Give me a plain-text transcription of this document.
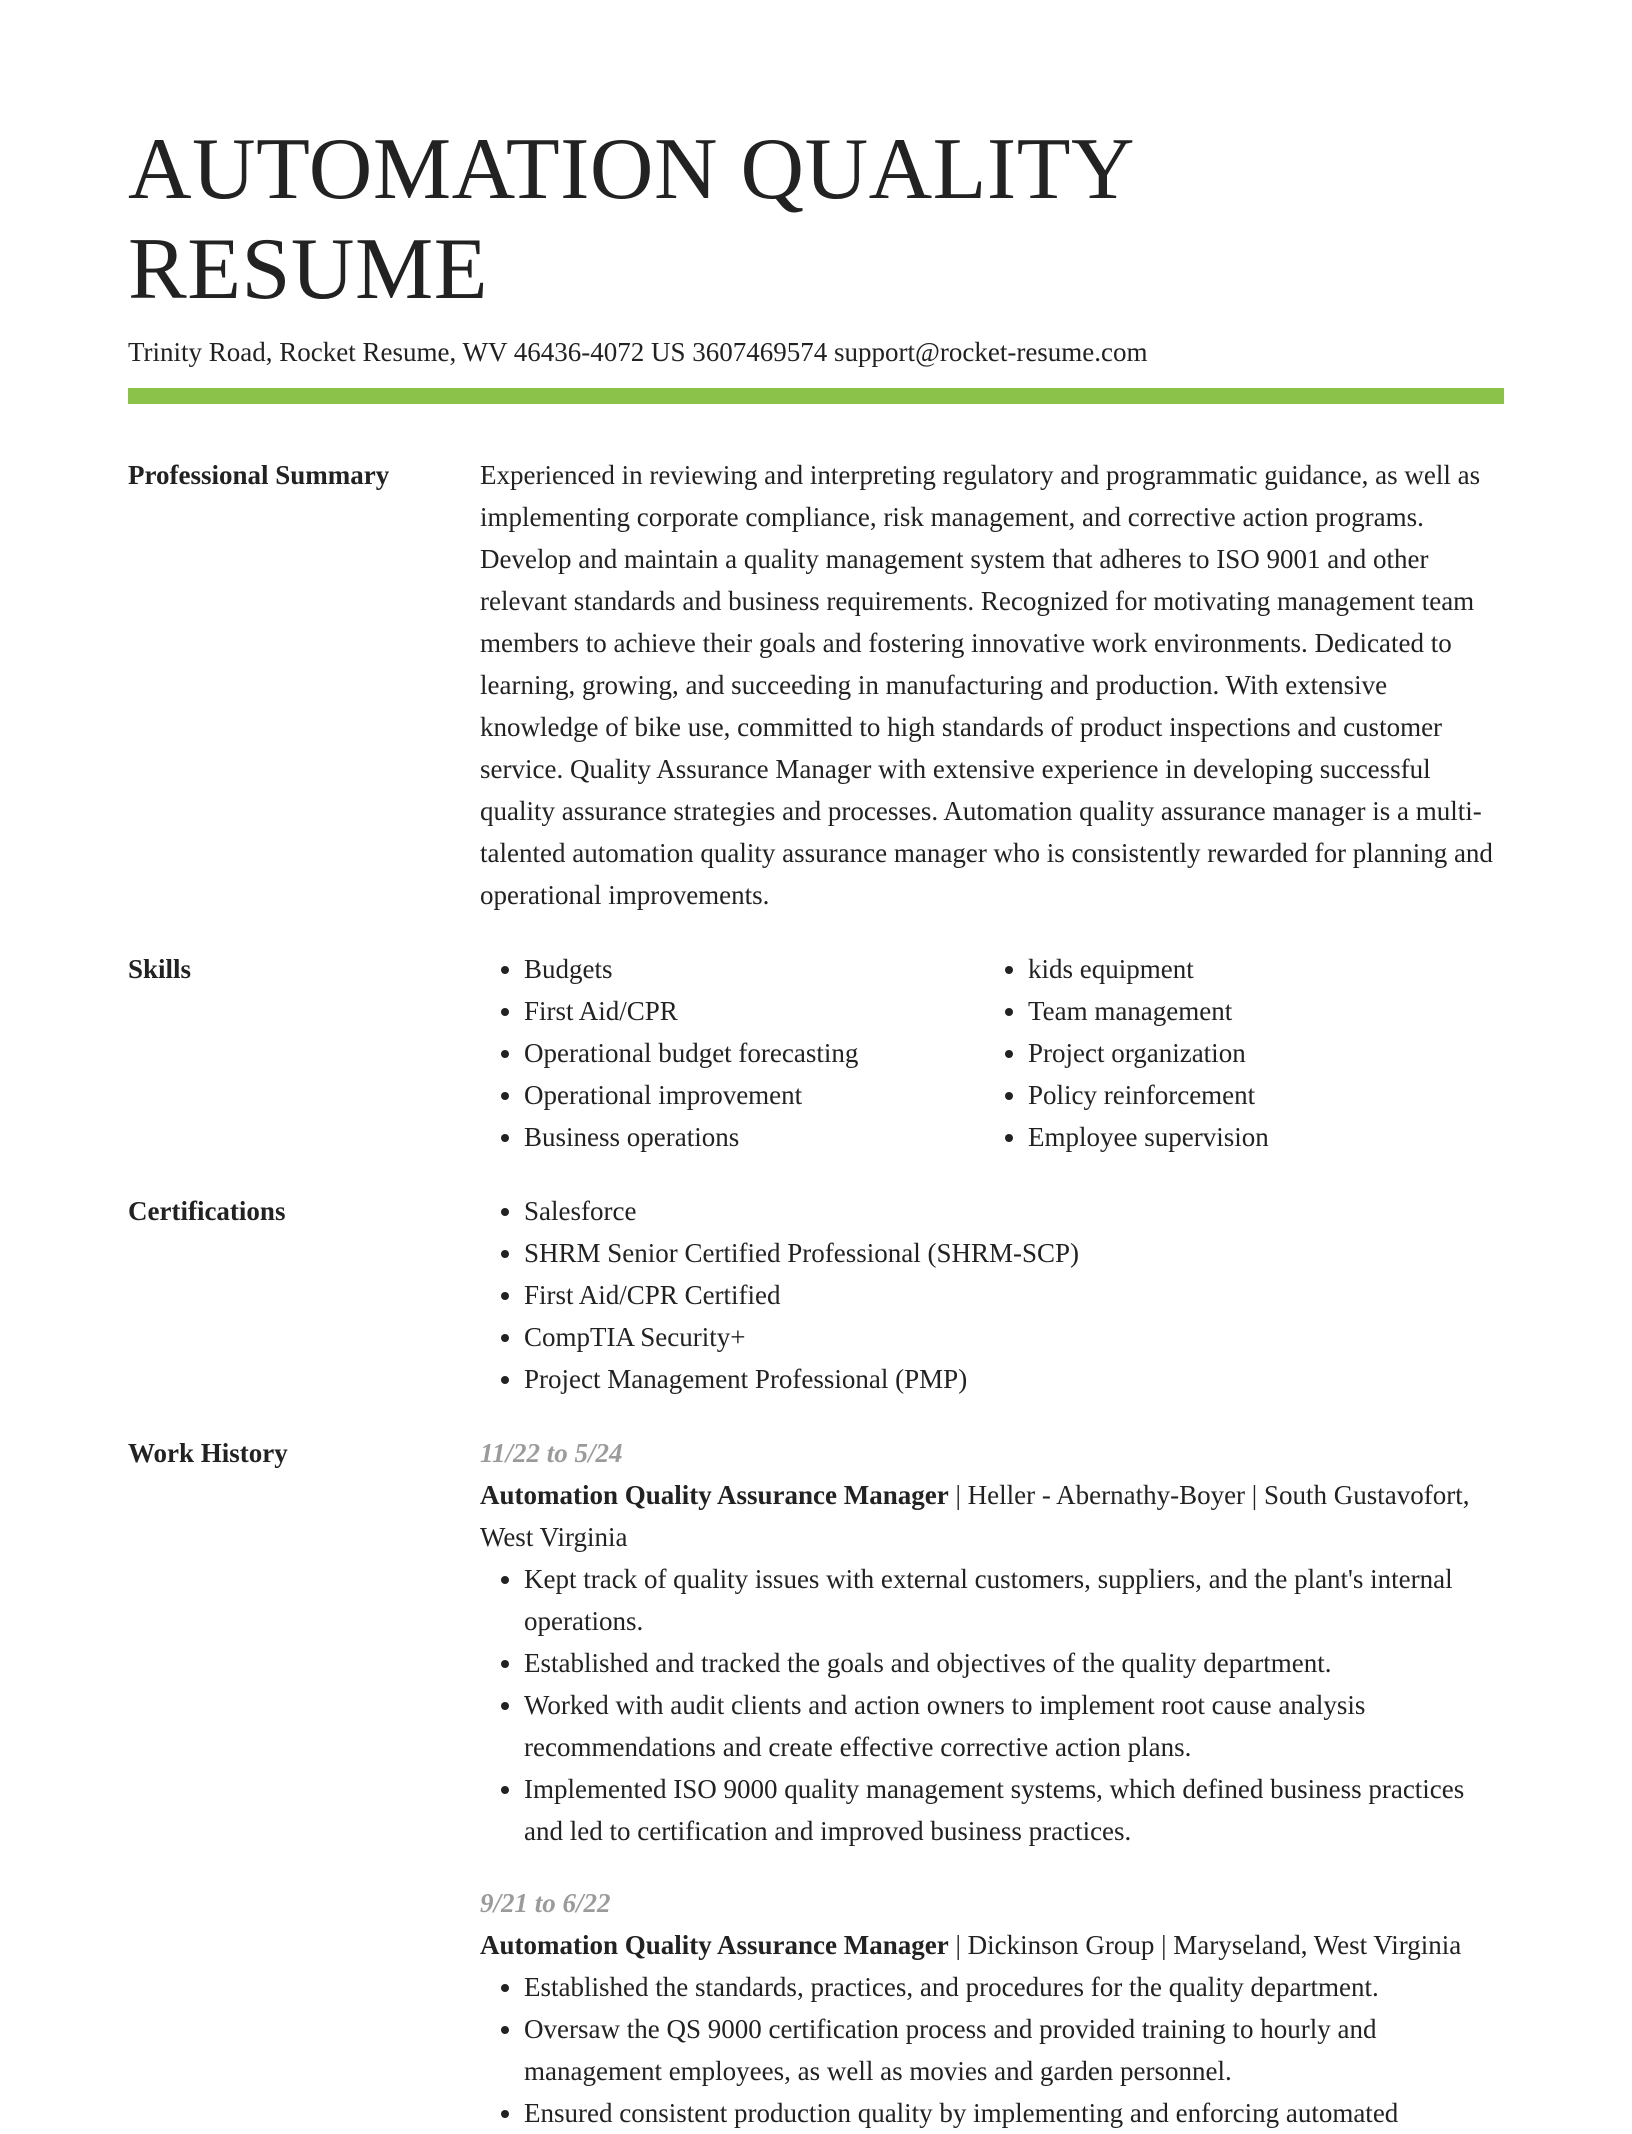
AUTOMATION QUALITY RESUME
Trinity Road, Rocket Resume, WV 46436-4072 US 3607469574 support@rocket-resume.com
Professional Summary	Experienced in reviewing and interpreting regulatory and programmatic guidance, as well as implementing corporate compliance, risk management, and corrective action programs. Develop and maintain a quality management system that adheres to ISO 9001 and other relevant standards and business requirements. Recognized for motivating management team members to achieve their goals and fostering innovative work environments. Dedicated to learning, growing, and succeeding in manufacturing and production. With extensive knowledge of bike use, committed to high standards of product inspections and customer service. Quality Assurance Manager with extensive experience in developing successful quality assurance strategies and processes. Automation quality assurance manager is a multi-talented automation quality assurance manager who is consistently rewarded for planning and operational improvements.

Skills	• Budgets
• First Aid/CPR
• Operational budget forecasting
• Operational improvement
• Business operations
• kids equipment
• Team management
• Project organization
• Policy reinforcement
• Employee supervision
Certifications	• Salesforce
• SHRM Senior Certified Professional (SHRM-SCP)
• First Aid/CPR Certified
• CompTIA Security+
• Project Management Professional (PMP)
Work History	11/22 to 5/24

Automation Quality Assurance Manager | Heller - Abernathy-Boyer | South Gustavofort, West Virginia

• Kept track of quality issues with external customers, suppliers, and the plant's internal operations.
• Established and tracked the goals and objectives of the quality department.
• Worked with audit clients and action owners to implement root cause analysis recommendations and create effective corrective action plans.
• Implemented ISO 9000 quality management systems, which defined business practices and led to certification and improved business practices.
9/21 to 6/22

Automation Quality Assurance Manager | Dickinson Group | Maryseland, West Virginia

• Established the standards, practices, and procedures for the quality department.
• Oversaw the QS 9000 certification process and provided training to hourly and management employees, as well as movies and garden personnel.
• Ensured consistent production quality by implementing and enforcing automated
